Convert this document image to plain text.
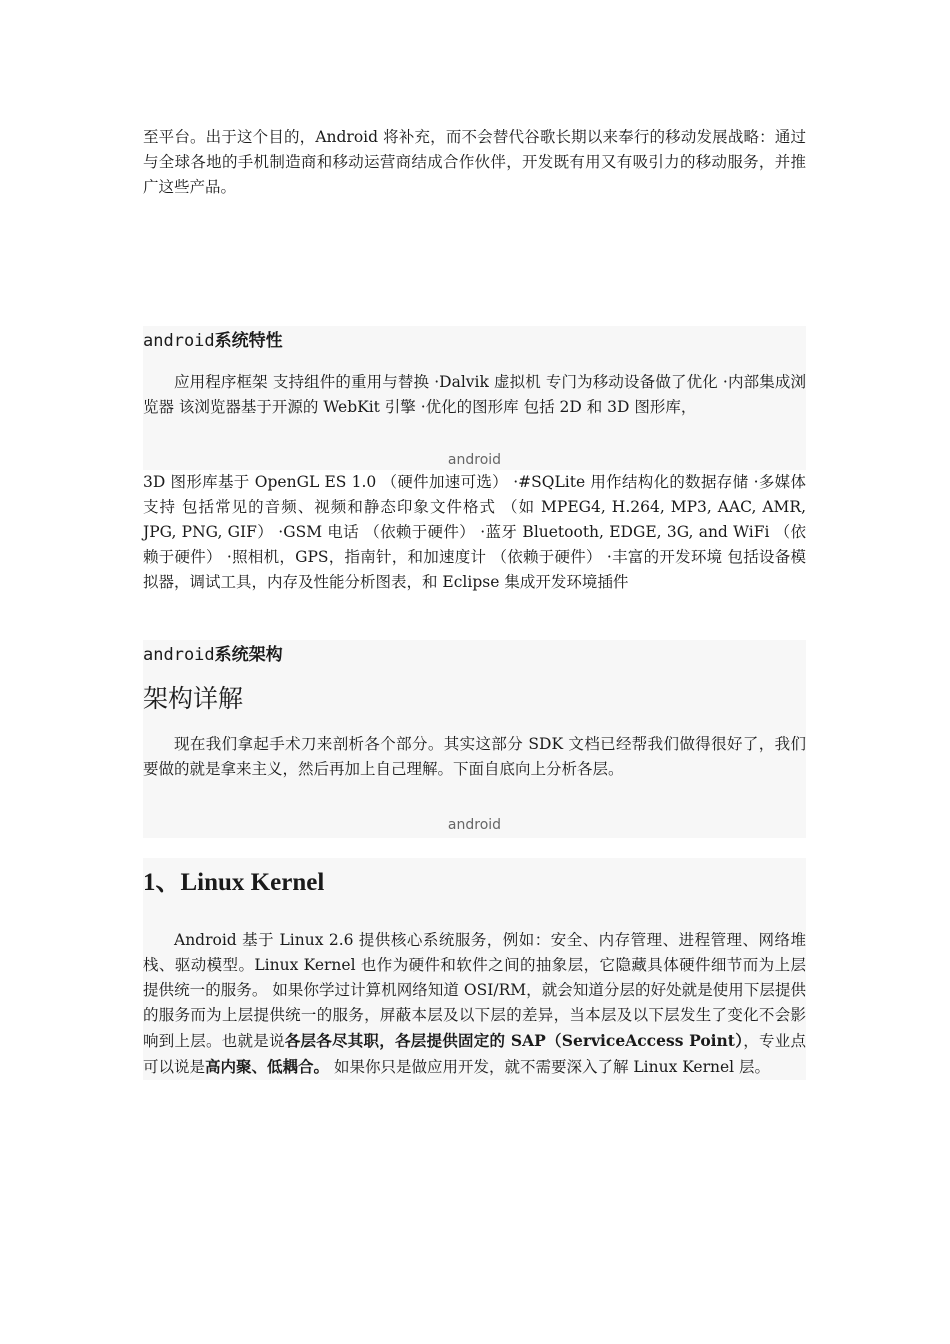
至平台。出于这个目的，Android 将补充，而不会替代谷歌长期以来奉行的移动发展战略：通过与全球各地的手机制造商和移动运营商结成合作伙伴，开发既有用又有吸引力的移动服务，并推广这些产品。

android系统特性

应用程序框架 支持组件的重用与替换 ·Dalvik 虚拟机 专门为移动设备做了优化 ·内部集成浏览器 该浏览器基于开源的 WebKit 引擎 ·优化的图形库 包括 2D 和 3D 图形库，

android

3D 图形库基于 OpenGL ES 1.0 （硬件加速可选） ·#SQLite 用作结构化的数据存储 ·多媒体支持 包括常见的音频、视频和静态印象文件格式 （如 MPEG4, H.264, MP3, AAC, AMR, JPG, PNG, GIF） ·GSM 电话 （依赖于硬件） ·蓝牙 Bluetooth, EDGE, 3G, and WiFi （依赖于硬件） ·照相机，GPS，指南针，和加速度计 （依赖于硬件） ·丰富的开发环境 包括设备模拟器，调试工具，内存及性能分析图表，和 Eclipse 集成开发环境插件

android系统架构
架构详解

现在我们拿起手术刀来剖析各个部分。其实这部分 SDK 文档已经帮我们做得很好了，我们要做的就是拿来主义，然后再加上自己理解。下面自底向上分析各层。

android
1、Linux Kernel

Android 基于 Linux 2.6 提供核心系统服务，例如：安全、内存管理、进程管理、网络堆栈、驱动模型。Linux Kernel 也作为硬件和软件之间的抽象层，它隐藏具体硬件细节而为上层提供统一的服务。 如果你学过计算机网络知道 OSI/RM，就会知道分层的好处就是使用下层提供的服务而为上层提供统一的服务，屏蔽本层及以下层的差异，当本层及以下层发生了变化不会影响到上层。也就是说各层各尽其职，各层提供固定的 SAP（ServiceAccess Point），专业点可以说是高内聚、低耦合。 如果你只是做应用开发，就不需要深入了解 Linux Kernel 层。
